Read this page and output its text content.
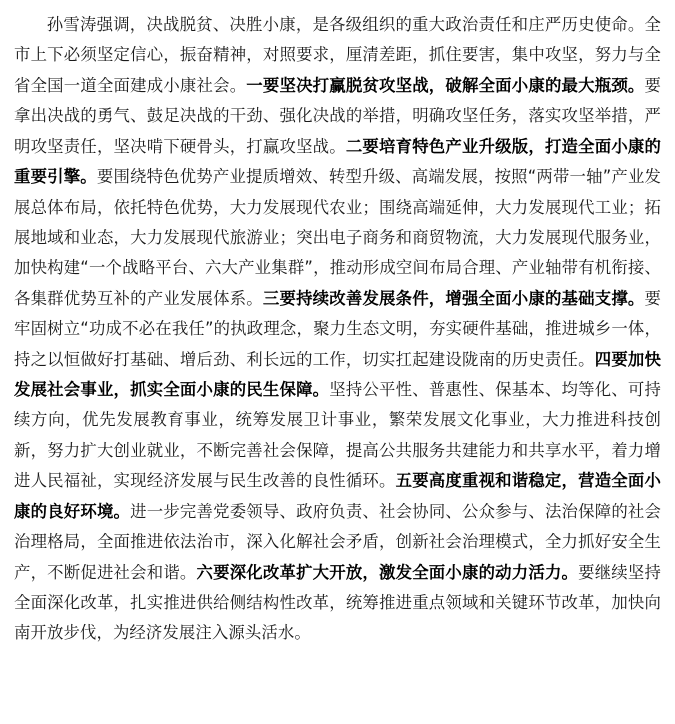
孙雪涛强调，决战脱贫、决胜小康，是各级组织的重大政治责任和庄严历史使命。全市上下必须坚定信心，振奋精神，对照要求，厘清差距，抓住要害，集中攻坚，努力与全省全国一道全面建成小康社会。一要坚决打赢脱贫攻坚战，破解全面小康的最大瓶颈。要拿出决战的勇气、鼓足决战的干劲、强化决战的举措，明确攻坚任务，落实攻坚举措，严明攻坚责任，坚决啃下硬骨头，打赢攻坚战。二要培育特色产业升级版，打造全面小康的重要引擎。要围绕特色优势产业提质增效、转型升级、高端发展，按照“两带一轴”产业发展总体布局，依托特色优势，大力发展现代农业；围绕高端延伸，大力发展现代工业；拓展地域和业态，大力发展现代旅游业；突出电子商务和商贸物流，大力发展现代服务业，加快构建“一个战略平台、六大产业集群”，推动形成空间布局合理、产业轴带有机衔接、各集群优势互补的产业发展体系。三要持续改善发展条件，增强全面小康的基础支撑。要牢固树立“功成不必在我任”的执政理念，聚力生态文明，夯实硬件基础，推进城乡一体，持之以恒做好打基础、增后劲、利长远的工作，切实扛起建设陇南的历史责任。四要加快发展社会事业，抓实全面小康的民生保障。坚持公平性、普惠性、保基本、均等化、可持续方向，优先发展教育事业，统筹发展卫计事业，繁荣发展文化事业，大力推进科技创新，努力扩大创业就业，不断完善社会保障，提高公共服务共建能力和共享水平，着力增进人民福祉，实现经济发展与民生改善的良性循环。五要高度重视和谐稳定，营造全面小康的良好环境。进一步完善党委领导、政府负责、社会协同、公众参与、法治保障的社会治理格局，全面推进依法治市，深入化解社会矛盾，创新社会治理模式，全力抓好安全生产，不断促进社会和谐。六要深化改革扩大开放，激发全面小康的动力活力。要继续坚持全面深化改革，扎实推进供给侧结构性改革，统筹推进重点领域和关键环节改革，加快向南开放步伐，为经济发展注入源头活水。
